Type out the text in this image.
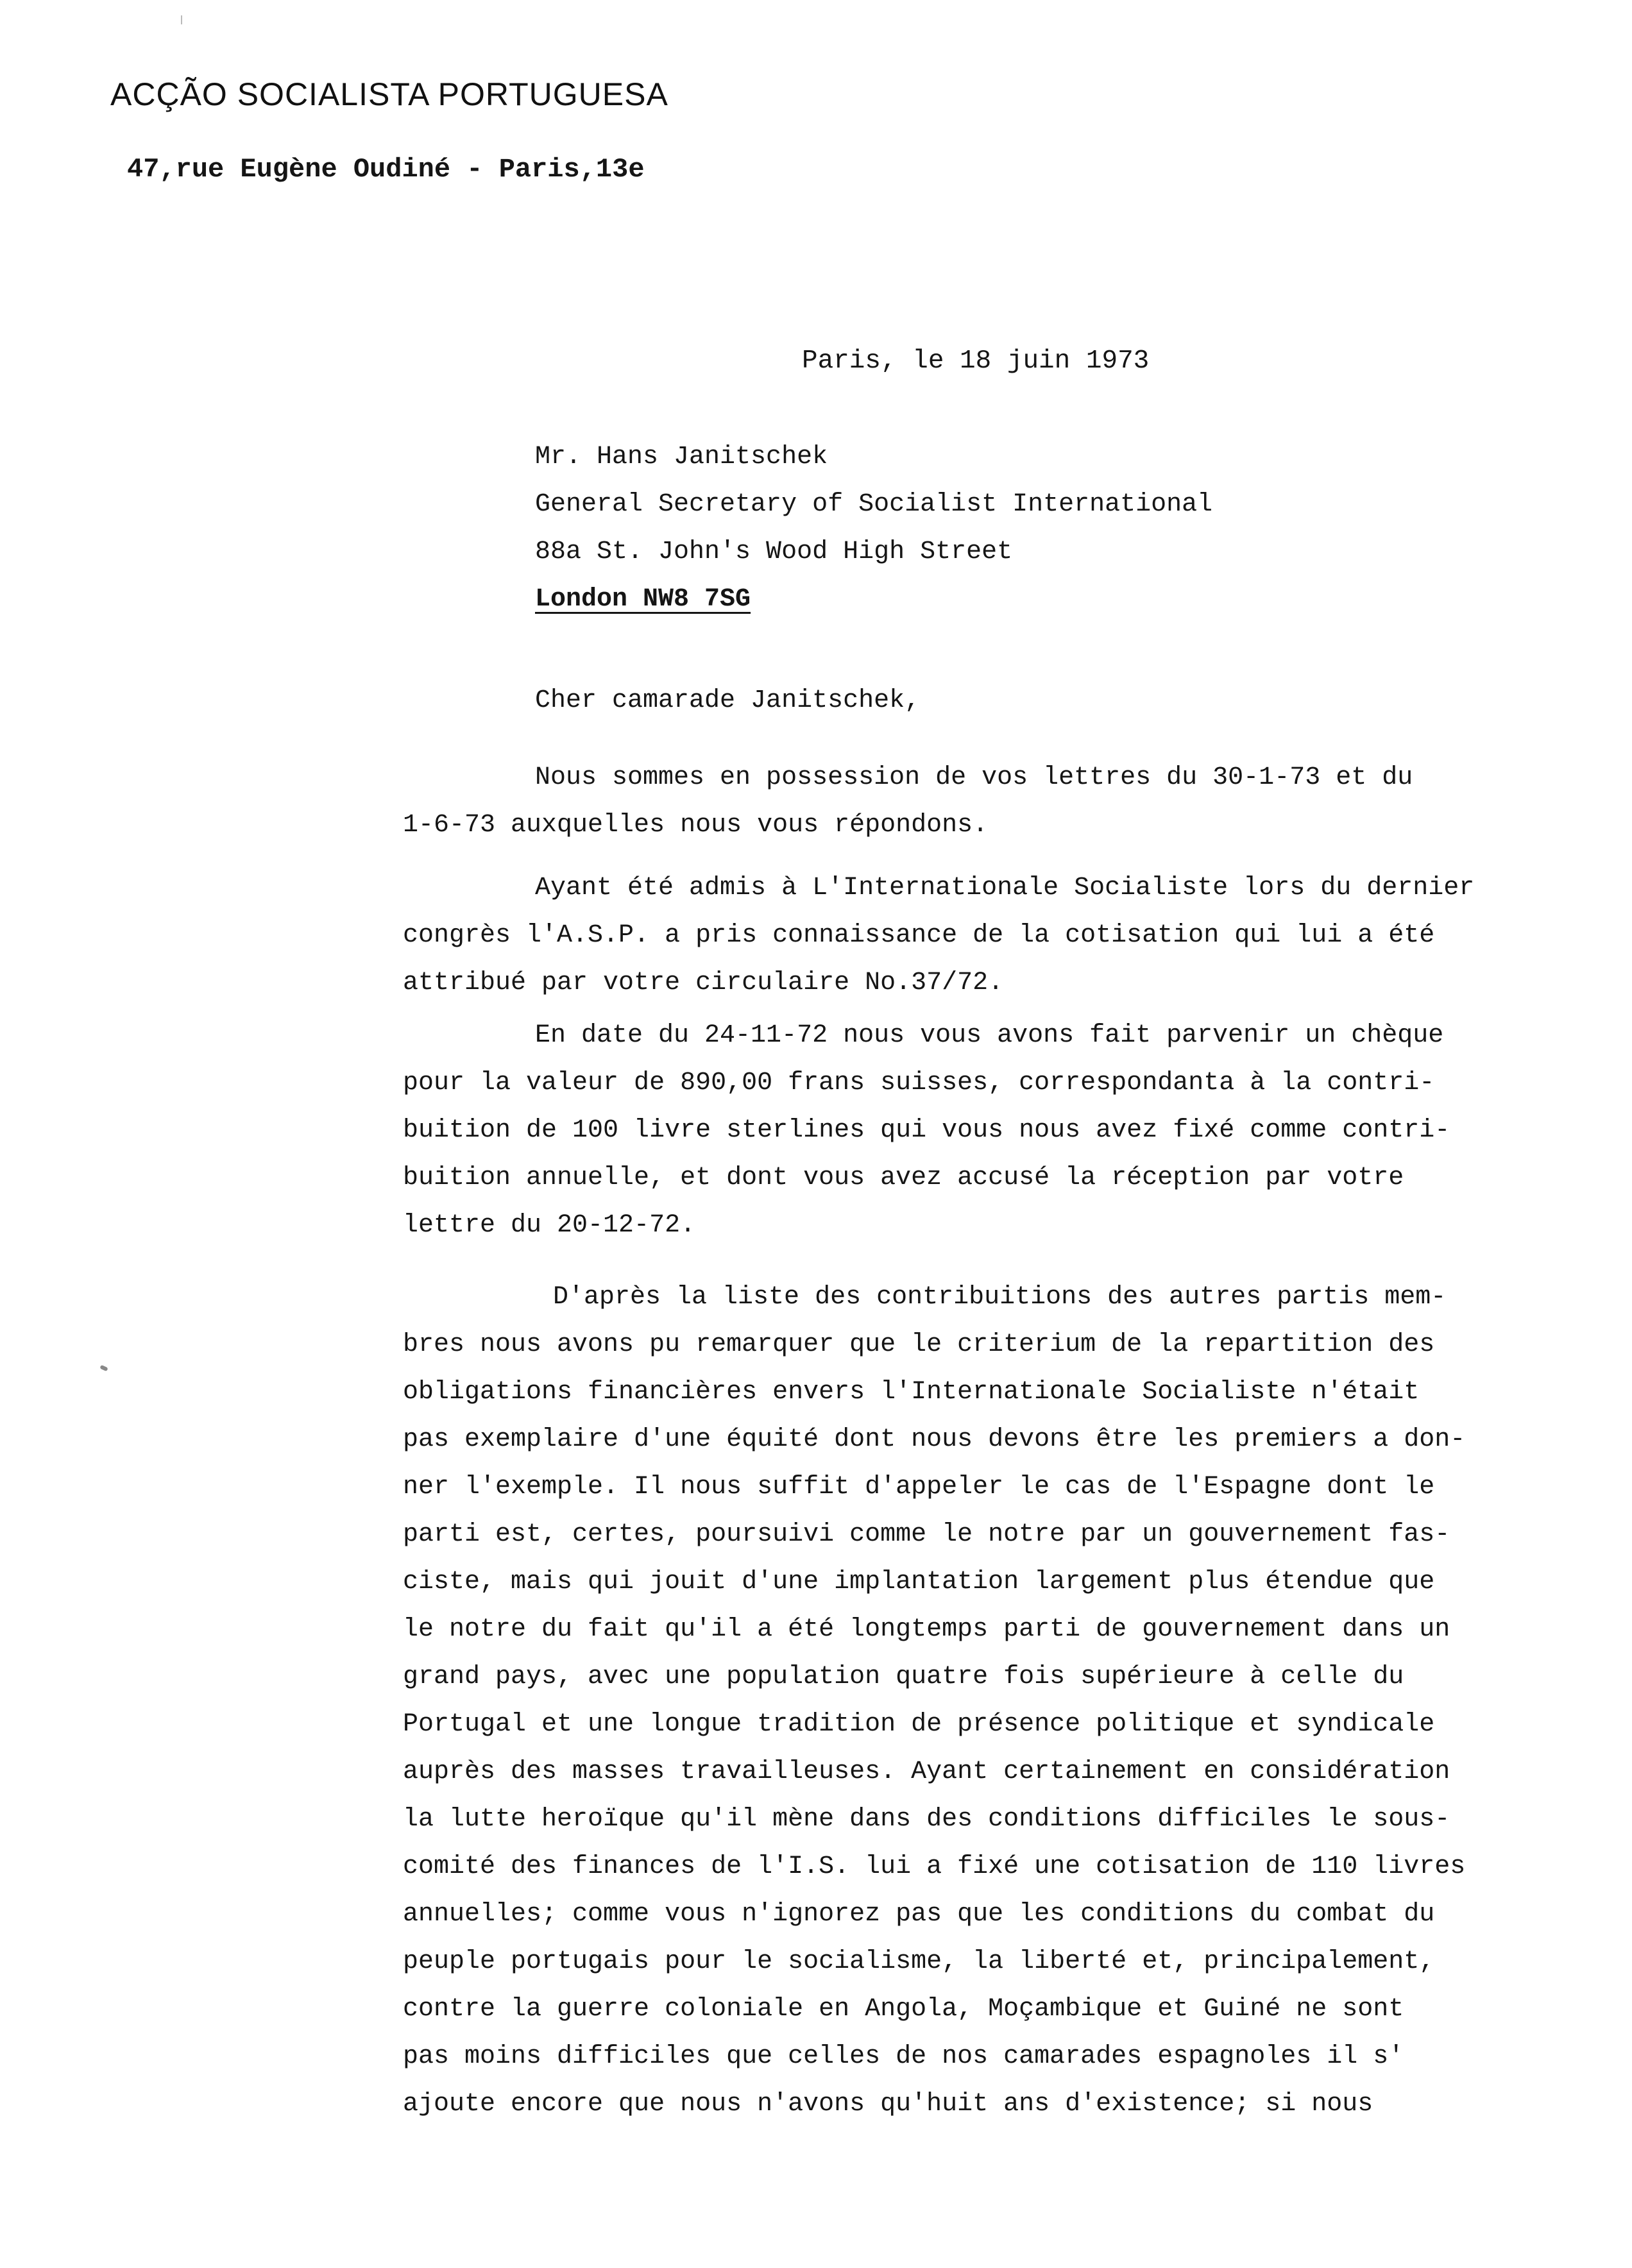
ACÇÃO SOCIALISTA PORTUGUESA
47,rue Eugène Oudiné - Paris,13e
Paris, le 18 juin 1973
Mr. Hans Janitschek
General Secretary of Socialist International
88a St. John's Wood High Street
London NW8 7SG
Cher camarade Janitschek,
Nous sommes en possession de vos lettres du 30-1-73 et du
1-6-73 auxquelles nous vous répondons.
Ayant été admis à L'Internationale Socialiste lors du dernier
congrès l'A.S.P. a pris connaissance de la cotisation qui lui a été
attribué par votre circulaire No.37/72.
En date du 24-11-72 nous vous avons fait parvenir un chèque
pour la valeur de 890,00 frans suisses, correspondanta à la contri-
buition de 100 livre sterlines qui vous nous avez fixé comme contri-
buition annuelle, et dont vous avez accusé la réception par votre
lettre du 20-12-72.
D'après la liste des contribuitions des autres partis mem-
bres nous avons pu remarquer que le criterium de la repartition des
obligations financières envers l'Internationale Socialiste n'était
pas exemplaire d'une équité dont nous devons être les premiers a don-
ner l'exemple. Il nous suffit d'appeler le cas de l'Espagne dont le
parti est, certes, poursuivi comme le notre par un gouvernement fas-
ciste, mais qui jouit d'une implantation largement plus étendue que
le notre du fait qu'il a été longtemps parti de gouvernement dans un
grand pays, avec une population quatre fois supérieure à celle du
Portugal et une longue tradition de présence politique et syndicale
auprès des masses travailleuses. Ayant certainement en considération
la lutte heroïque qu'il mène dans des conditions difficiles le sous-
comité des finances de l'I.S. lui a fixé une cotisation de 110 livres
annuelles; comme vous n'ignorez pas que les conditions du combat du
peuple portugais pour le socialisme, la liberté et, principalement,
contre la guerre coloniale en Angola, Moçambique et Guiné ne sont
pas moins difficiles que celles de nos camarades espagnoles il s'
ajoute encore que nous n'avons qu'huit ans d'existence; si nous
